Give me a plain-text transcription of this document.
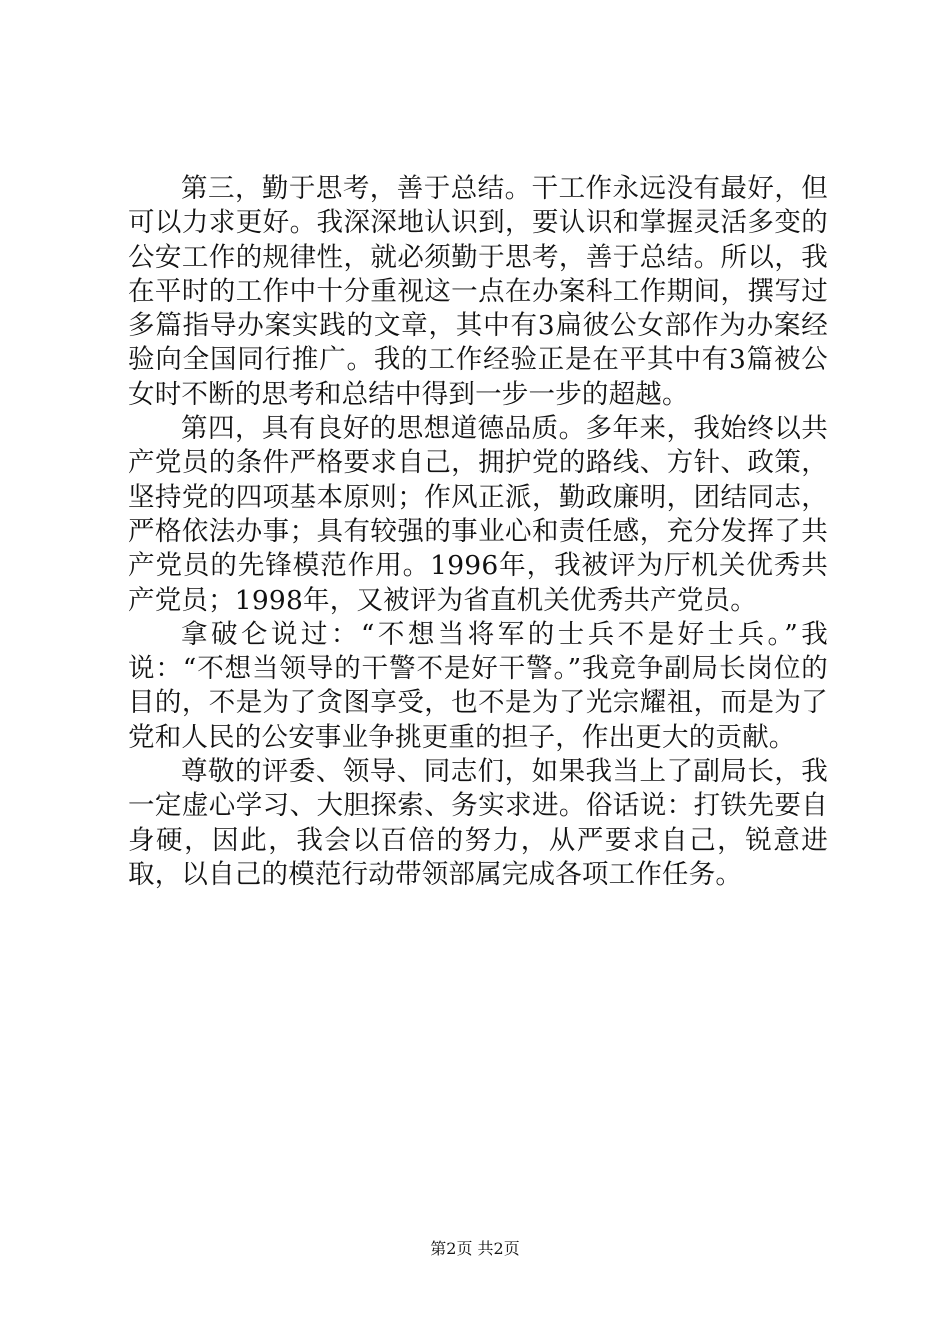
第三，勤于思考，善于总结。干工作永远没有最好，但可以力求更好。我深深地认识到，要认识和掌握灵活多变的公安工作的规律性，就必须勤于思考，善于总结。所以，我在平时的工作中十分重视这一点在办案科工作期间，撰写过多篇指导办案实践的文章，其中有3扁彼公女部作为办案经验向全国同行推广。我的工作经验正是在平其中有3篇被公女时不断的思考和总结中得到一步一步的超越。

第四，具有良好的思想道德品质。多年来，我始终以共产党员的条件严格要求自己，拥护党的路线、方针、政策，坚持党的四项基本原则；作风正派，勤政廉明，团结同志，严格依法办事；具有较强的事业心和责任感，充分发挥了共产党员的先锋模范作用。1996年，我被评为厅机关优秀共产党员；1998年，又被评为省直机关优秀共产党员。

拿破仑说过：“不想当将军的士兵不是好士兵。”我说：“不想当领导的干警不是好干警。”我竞争副局长岗位的目的，不是为了贪图享受，也不是为了光宗耀祖，而是为了党和人民的公安事业争挑更重的担子，作出更大的贡献。

尊敬的评委、领导、同志们，如果我当上了副局长，我一定虚心学习、大胆探索、务实求进。俗话说：打铁先要自身硬，因此，我会以百倍的努力，从严要求自己，锐意进取，以自己的模范行动带领部属完成各项工作任务。

第2页 共2页
